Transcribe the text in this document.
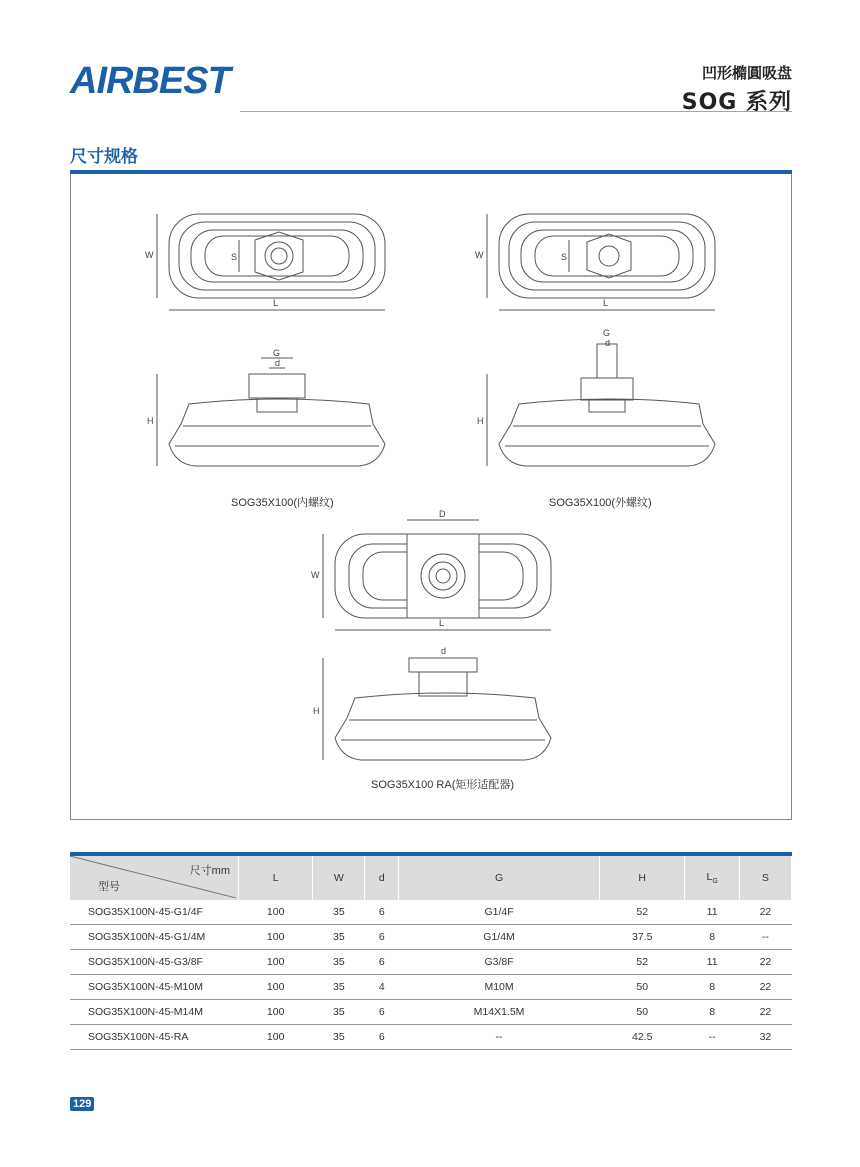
AIRBEST	凹形橢圓吸盘
SOG 系列
尺寸规格
W
L
S	W
L
S
H
G
d
H
G
d
D
W
L
H
d
SOG35X100(内螺纹)	SOG35X100(外螺纹)
SOG35X100 RA(矩形适配器)
尺寸mm
型号	L	W	d	G	H	$L_G$	S
SOG35X100N-45-G1/4F	100	35	6	G1/4F	52	11	22
SOG35X100N-45-G1/4M	100	35	6	G1/4M	37.5	8	--
SOG35X100N-45-G3/8F	100	35	6	G3/8F	52	11	22
SOG35X100N-45-M10M	100	35	4	M10M	50	8	22
SOG35X100N-45-M14M	100	35	6	M14X1.5M	50	8	22
SOG35X100N-45-RA	100	35	6	--	42.5	--	32
129
